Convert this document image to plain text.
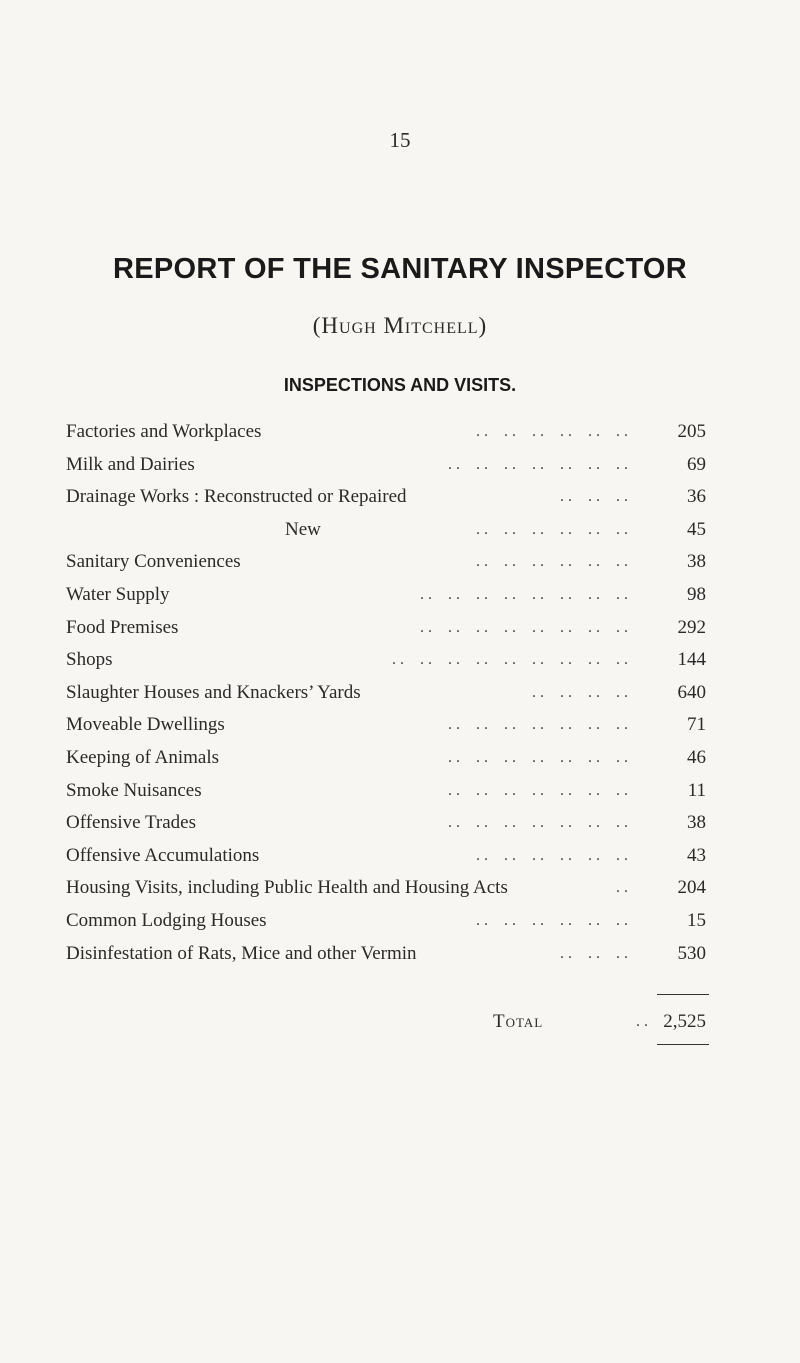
15
REPORT OF THE SANITARY INSPECTOR
(Hugh Mitchell)
INSPECTIONS AND VISITS.
Factories and Workplaces	. .    . .    . .    . .    . .    . .	205
Milk and Dairies	. .    . .    . .    . .    . .    . .    . .	69
Drainage Works : Reconstructed or Repaired	. .    . .    . .	36
New	. .    . .    . .    . .    . .    . .	45
Sanitary Conveniences	. .    . .    . .    . .    . .    . .	38
Water Supply	. .    . .    . .    . .    . .    . .    . .    . .	98
Food Premises	. .    . .    . .    . .    . .    . .    . .    . .	292
Shops	. .    . .    . .    . .    . .    . .    . .    . .    . .	144
Slaughter Houses and Knackers’ Yards	. .    . .    . .    . .	640
Moveable Dwellings	. .    . .    . .    . .    . .    . .    . .	71
Keeping of Animals	. .    . .    . .    . .    . .    . .    . .	46
Smoke Nuisances	. .    . .    . .    . .    . .    . .    . .	11
Offensive Trades	. .    . .    . .    . .    . .    . .    . .	38
Offensive Accumulations	. .    . .    . .    . .    . .    . .	43
Housing Visits, including Public Health and Housing Acts	. .	204
Common Lodging Houses	. .    . .    . .    . .    . .    . .	15
Disinfestation of Rats, Mice and other Vermin	. .    . .    . .	530
Total	. . 2,525
